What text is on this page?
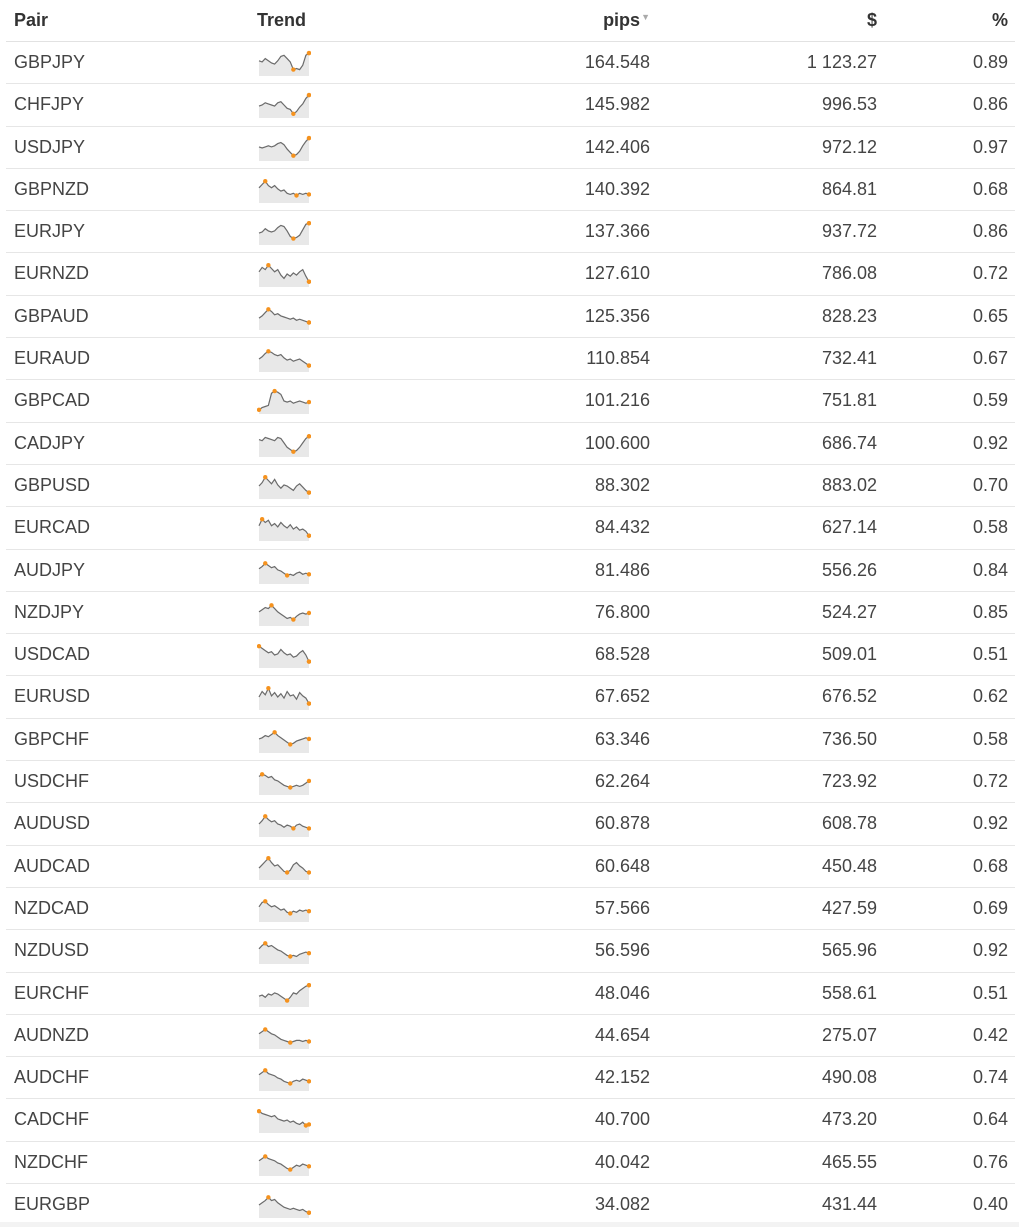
Pair	Trend	pips▼	$	%
GBPJPY	164.548	1 123.27	0.89
CHFJPY	145.982	996.53	0.86
USDJPY	142.406	972.12	0.97
GBPNZD	140.392	864.81	0.68
EURJPY	137.366	937.72	0.86
EURNZD	127.610	786.08	0.72
GBPAUD	125.356	828.23	0.65
EURAUD	110.854	732.41	0.67
GBPCAD	101.216	751.81	0.59
CADJPY	100.600	686.74	0.92
GBPUSD	88.302	883.02	0.70
EURCAD	84.432	627.14	0.58
AUDJPY	81.486	556.26	0.84
NZDJPY	76.800	524.27	0.85
USDCAD	68.528	509.01	0.51
EURUSD	67.652	676.52	0.62
GBPCHF	63.346	736.50	0.58
USDCHF	62.264	723.92	0.72
AUDUSD	60.878	608.78	0.92
AUDCAD	60.648	450.48	0.68
NZDCAD	57.566	427.59	0.69
NZDUSD	56.596	565.96	0.92
EURCHF	48.046	558.61	0.51
AUDNZD	44.654	275.07	0.42
AUDCHF	42.152	490.08	0.74
CADCHF	40.700	473.20	0.64
NZDCHF	40.042	465.55	0.76
EURGBP	34.082	431.44	0.40
